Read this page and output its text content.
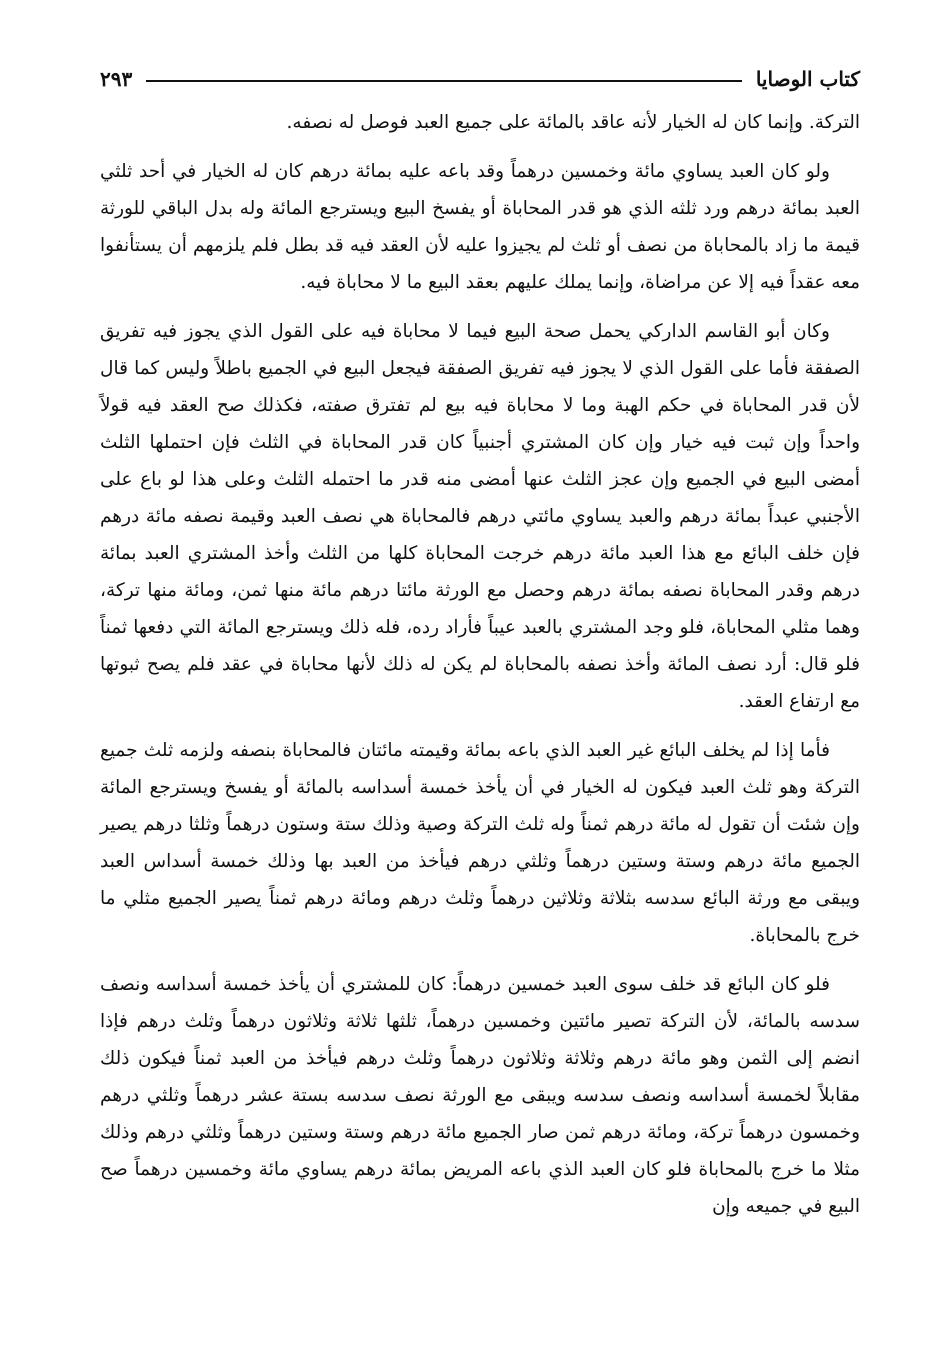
كتاب الوصايا
٢٩٣

التركة. وإنما كان له الخيار لأنه عاقد بالمائة على جميع العبد فوصل له نصفه.

ولو كان العبد يساوي مائة وخمسين درهماً وقد باعه عليه بمائة درهم كان له الخيار في أحد ثلثي العبد بمائة درهم ورد ثلثه الذي هو قدر المحاباة أو يفسخ البيع ويسترجع المائة وله بدل الباقي للورثة قيمة ما زاد بالمحاباة من نصف أو ثلث لم يجيزوا عليه لأن العقد فيه قد بطل فلم يلزمهم أن يستأنفوا معه عقداً فيه إلا عن مراضاة، وإنما يملك عليهم بعقد البيع ما لا محاباة فيه.

وكان أبو القاسم الداركي يحمل صحة البيع فيما لا محاباة فيه على القول الذي يجوز فيه تفريق الصفقة فأما على القول الذي لا يجوز فيه تفريق الصفقة فيجعل البيع في الجميع باطلاً وليس كما قال لأن قدر المحاباة في حكم الهبة وما لا محاباة فيه بيع لم تفترق صفته، فكذلك صح العقد فيه قولاً واحداً وإن ثبت فيه خيار وإن كان المشتري أجنبياً كان قدر المحاباة في الثلث فإن احتملها الثلث أمضى البيع في الجميع وإن عجز الثلث عنها أمضى منه قدر ما احتمله الثلث وعلى هذا لو باع على الأجنبي عبداً بمائة درهم والعبد يساوي مائتي درهم فالمحاباة هي نصف العبد وقيمة نصفه مائة درهم فإن خلف البائع مع هذا العبد مائة درهم خرجت المحاباة كلها من الثلث وأخذ المشتري العبد بمائة درهم وقدر المحاباة نصفه بمائة درهم وحصل مع الورثة مائتا درهم مائة منها ثمن، ومائة منها تركة، وهما مثلي المحاباة، فلو وجد المشتري بالعبد عيباً فأراد رده، فله ذلك ويسترجع المائة التي دفعها ثمناً فلو قال: أرد نصف المائة وأخذ نصفه بالمحاباة لم يكن له ذلك لأنها محاباة في عقد فلم يصح ثبوتها مع ارتفاع العقد.

فأما إذا لم يخلف البائع غير العبد الذي باعه بمائة وقيمته مائتان فالمحاباة بنصفه ولزمه ثلث جميع التركة وهو ثلث العبد فيكون له الخيار في أن يأخذ خمسة أسداسه بالمائة أو يفسخ ويسترجع المائة وإن شئت أن تقول له مائة درهم ثمناً وله ثلث التركة وصية وذلك ستة وستون درهماً وثلثا درهم يصير الجميع مائة درهم وستة وستين درهماً وثلثي درهم فيأخذ من العبد بها وذلك خمسة أسداس العبد ويبقى مع ورثة البائع سدسه بثلاثة وثلاثين درهماً وثلث درهم ومائة درهم ثمناً يصير الجميع مثلي ما خرج بالمحاباة.

فلو كان البائع قد خلف سوى العبد خمسين درهماً: كان للمشتري أن يأخذ خمسة أسداسه ونصف سدسه بالمائة، لأن التركة تصير مائتين وخمسين درهماً، ثلثها ثلاثة وثلاثون درهماً وثلث درهم فإذا انضم إلى الثمن وهو مائة درهم وثلاثة وثلاثون درهماً وثلث درهم فيأخذ من العبد ثمناً فيكون ذلك مقابلاً لخمسة أسداسه ونصف سدسه ويبقى مع الورثة نصف سدسه بستة عشر درهماً وثلثي درهم وخمسون درهماً تركة، ومائة درهم ثمن صار الجميع مائة درهم وستة وستين درهماً وثلثي درهم وذلك مثلا ما خرج بالمحاباة فلو كان العبد الذي باعه المريض بمائة درهم يساوي مائة وخمسين درهماً صح البيع في جميعه وإن
